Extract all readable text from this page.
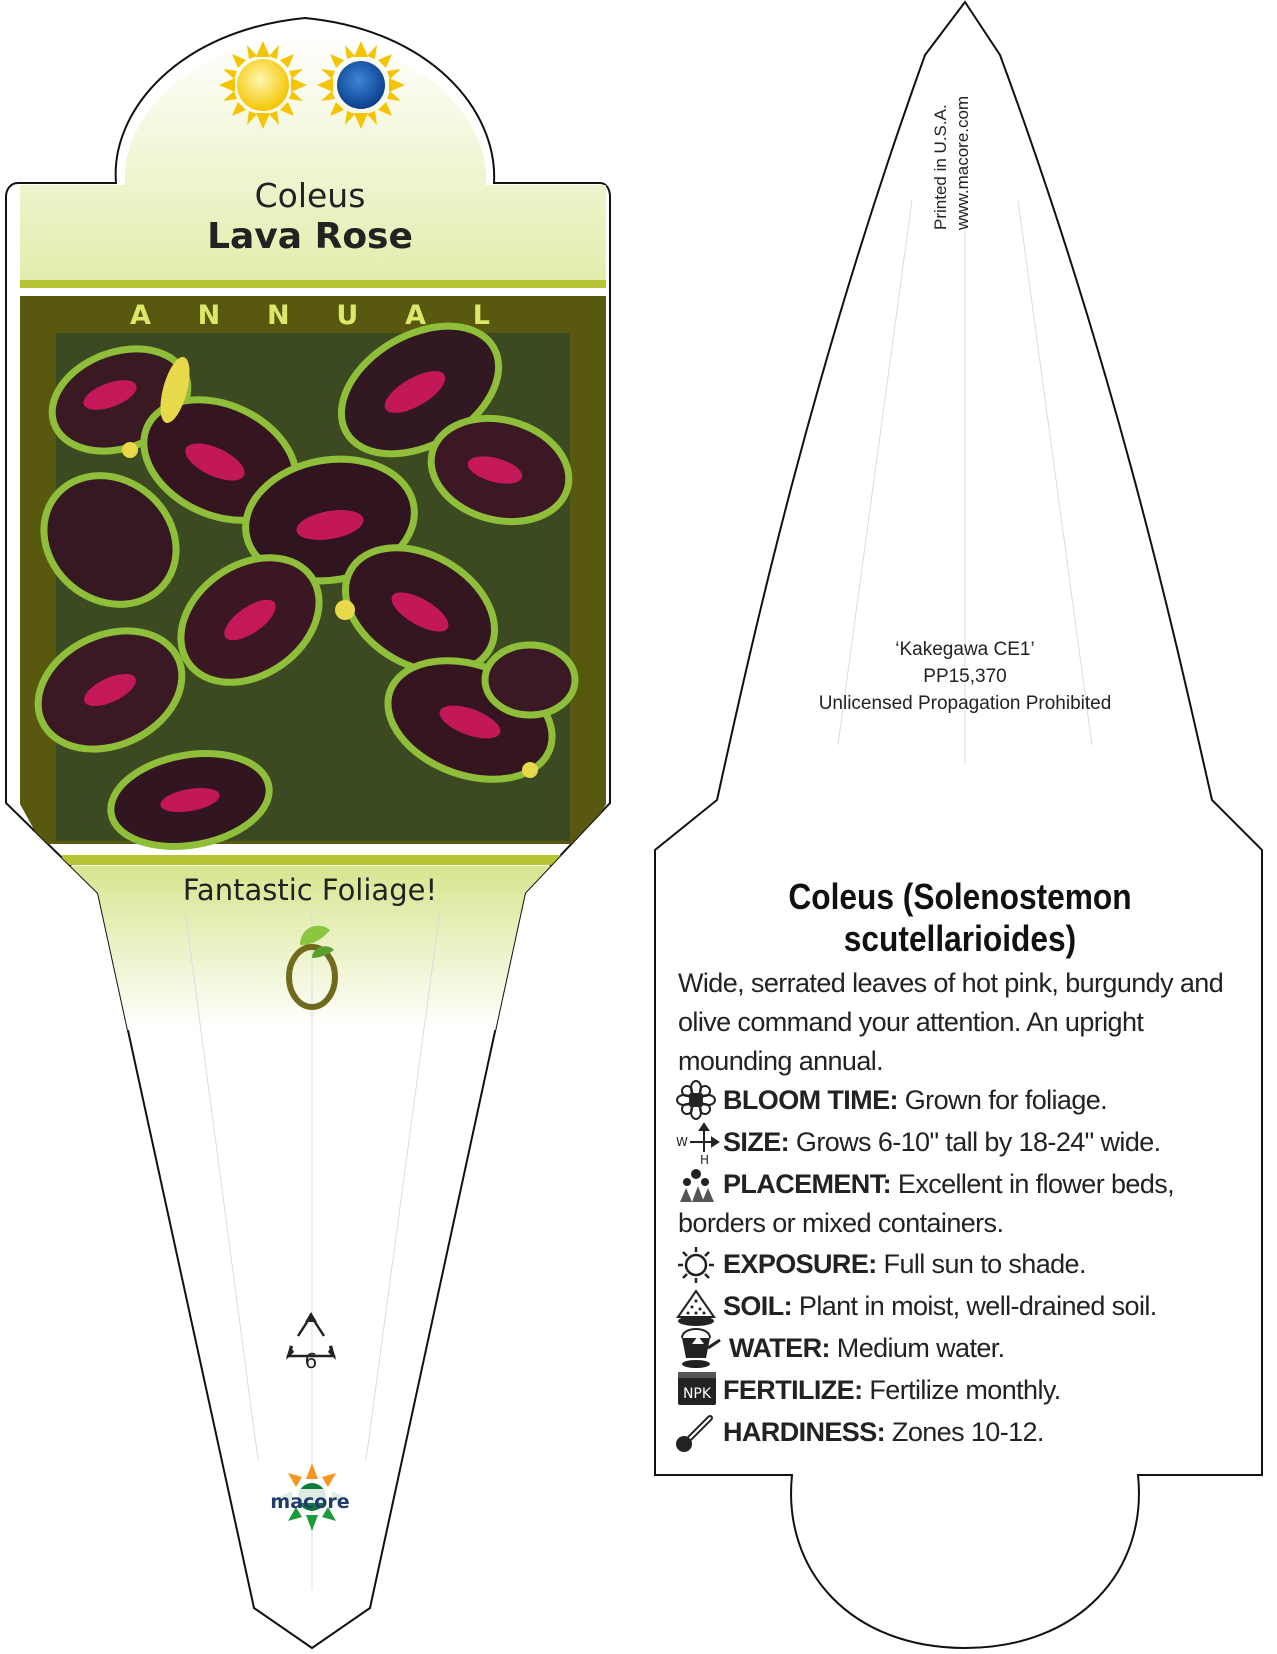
W
H
NPK
Coleus
Lava Rose
A N N U A L
Fantastic Foliage!
6
macore
Printed in U.S.A. www.macore.com
‘Kakegawa CE1’
PP15,370
Unlicensed Propagation Prohibited
Coleus (Solenostemon
scutellarioides)
Wide, serrated leaves of hot pink, burgundy and olive command your attention. An upright mounding annual.
BLOOM TIME: Grown for foliage.
SIZE: Grows 6-10" tall by 18-24" wide.
PLACEMENT: Excellent in flower beds, borders or mixed containers.
EXPOSURE: Full sun to shade.
SOIL: Plant in moist, well-drained soil.
WATER: Medium water.
FERTILIZE: Fertilize monthly.
HARDINESS: Zones 10-12.
